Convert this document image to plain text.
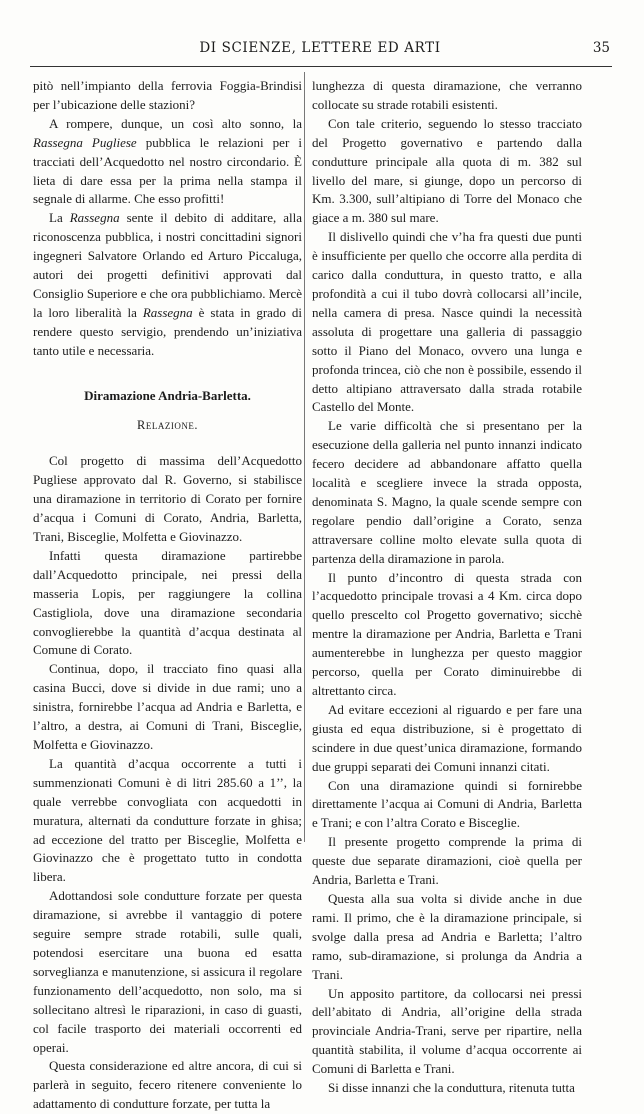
DI SCIENZE, LETTERE ED ARTI	35

pitò nell’impianto della ferrovia Foggia-Brindisi per l’ubicazione delle stazioni?

A rompere, dunque, un così alto sonno, la Rassegna Pugliese pubblica le relazioni per i tracciati dell’Acquedotto nel nostro circondario. È lieta di dare essa per la prima nella stampa il segnale di allarme. Che esso profitti!

La Rassegna sente il debito di additare, alla riconoscenza pubblica, i nostri concittadini signori ingegneri Salvatore Orlando ed Arturo Piccaluga, autori dei progetti definitivi approvati dal Consiglio Superiore e che ora pubblichiamo. Mercè la loro liberalità la Rassegna è stata in grado di rendere questo servigio, prendendo un’iniziativa tanto utile e necessaria.

Diramazione Andria-Barletta.

Relazione.

Col progetto di massima dell’Acquedotto Pugliese approvato dal R. Governo, si stabilisce una diramazione in territorio di Corato per fornire d’acqua i Comuni di Corato, Andria, Barletta, Trani, Bisceglie, Molfetta e Giovinazzo.

Infatti questa diramazione partirebbe dall’Acquedotto principale, nei pressi della masseria Lopis, per raggiungere la collina Castigliola, dove una diramazione secondaria convoglierebbe la quantità d’acqua destinata al Comune di Corato.

Continua, dopo, il tracciato fino quasi alla casina Bucci, dove si divide in due rami; uno a sinistra, fornirebbe l’acqua ad Andria e Barletta, e l’altro, a destra, ai Comuni di Trani, Bisceglie, Molfetta e Giovinazzo.

La quantità d’acqua occorrente a tutti i summenzionati Comuni è di litri 285.60 a 1’’, la quale verrebbe convogliata con acquedotti in muratura, alternati da condutture forzate in ghisa; ad eccezione del tratto per Bisceglie, Molfetta e Giovinazzo che è progettato tutto in condotta libera.

Adottandosi sole condutture forzate per questa diramazione, si avrebbe il vantaggio di potere seguire sempre strade rotabili, sulle quali, potendosi esercitare una buona ed esatta sorveglianza e manutenzione, si assicura il regolare funzionamento dell’acquedotto, non solo, ma si sollecitano altresì le riparazioni, in caso di guasti, col facile trasporto dei materiali occorrenti ed operai.

Questa considerazione ed altre ancora, di cui si parlerà in seguito, fecero ritenere conveniente lo adattamento di condutture forzate, per tutta la

lunghezza di questa diramazione, che verranno collocate su strade rotabili esistenti.

Con tale criterio, seguendo lo stesso tracciato del Progetto governativo e partendo dalla condutture principale alla quota di m. 382 sul livello del mare, si giunge, dopo un percorso di Km. 3.300, sull’altipiano di Torre del Monaco che giace a m. 380 sul mare.

Il dislivello quindi che v’ha fra questi due punti è insufficiente per quello che occorre alla perdita di carico dalla conduttura, in questo tratto, e alla profondità a cui il tubo dovrà collocarsi all’incile, nella camera di presa. Nasce quindi la necessità assoluta di progettare una galleria di passaggio sotto il Piano del Monaco, ovvero una lunga e profonda trincea, ciò che non è possibile, essendo il detto altipiano attraversato dalla strada rotabile Castello del Monte.

Le varie difficoltà che si presentano per la esecuzione della galleria nel punto innanzi indicato fecero decidere ad abbandonare affatto quella località e scegliere invece la strada opposta, denominata S. Magno, la quale scende sempre con regolare pendio dall’origine a Corato, senza attraversare colline molto elevate sulla quota di partenza della diramazione in parola.

Il punto d’incontro di questa strada con l’acquedotto principale trovasi a 4 Km. circa dopo quello prescelto col Progetto governativo; sicchè mentre la diramazione per Andria, Barletta e Trani aumenterebbe in lunghezza per questo maggior percorso, quella per Corato diminuirebbe di altrettanto circa.

Ad evitare eccezioni al riguardo e per fare una giusta ed equa distribuzione, si è progettato di scindere in due quest’unica diramazione, formando due gruppi separati dei Comuni innanzi citati.

Con una diramazione quindi si fornirebbe direttamente l’acqua ai Comuni di Andria, Barletta e Trani; e con l’altra Corato e Bisceglie.

Il presente progetto comprende la prima di queste due separate diramazioni, cioè quella per Andria, Barletta e Trani.

Questa alla sua volta si divide anche in due rami. Il primo, che è la diramazione principale, si svolge dalla presa ad Andria e Barletta; l’altro ramo, sub-diramazione, si prolunga da Andria a Trani.

Un apposito partitore, da collocarsi nei pressi dell’abitato di Andria, all’origine della strada provinciale Andria-Trani, serve per ripartire, nella quantità stabilita, il volume d’acqua occorrente ai Comuni di Barletta e Trani.

Si disse innanzi che la conduttura, ritenuta tutta
